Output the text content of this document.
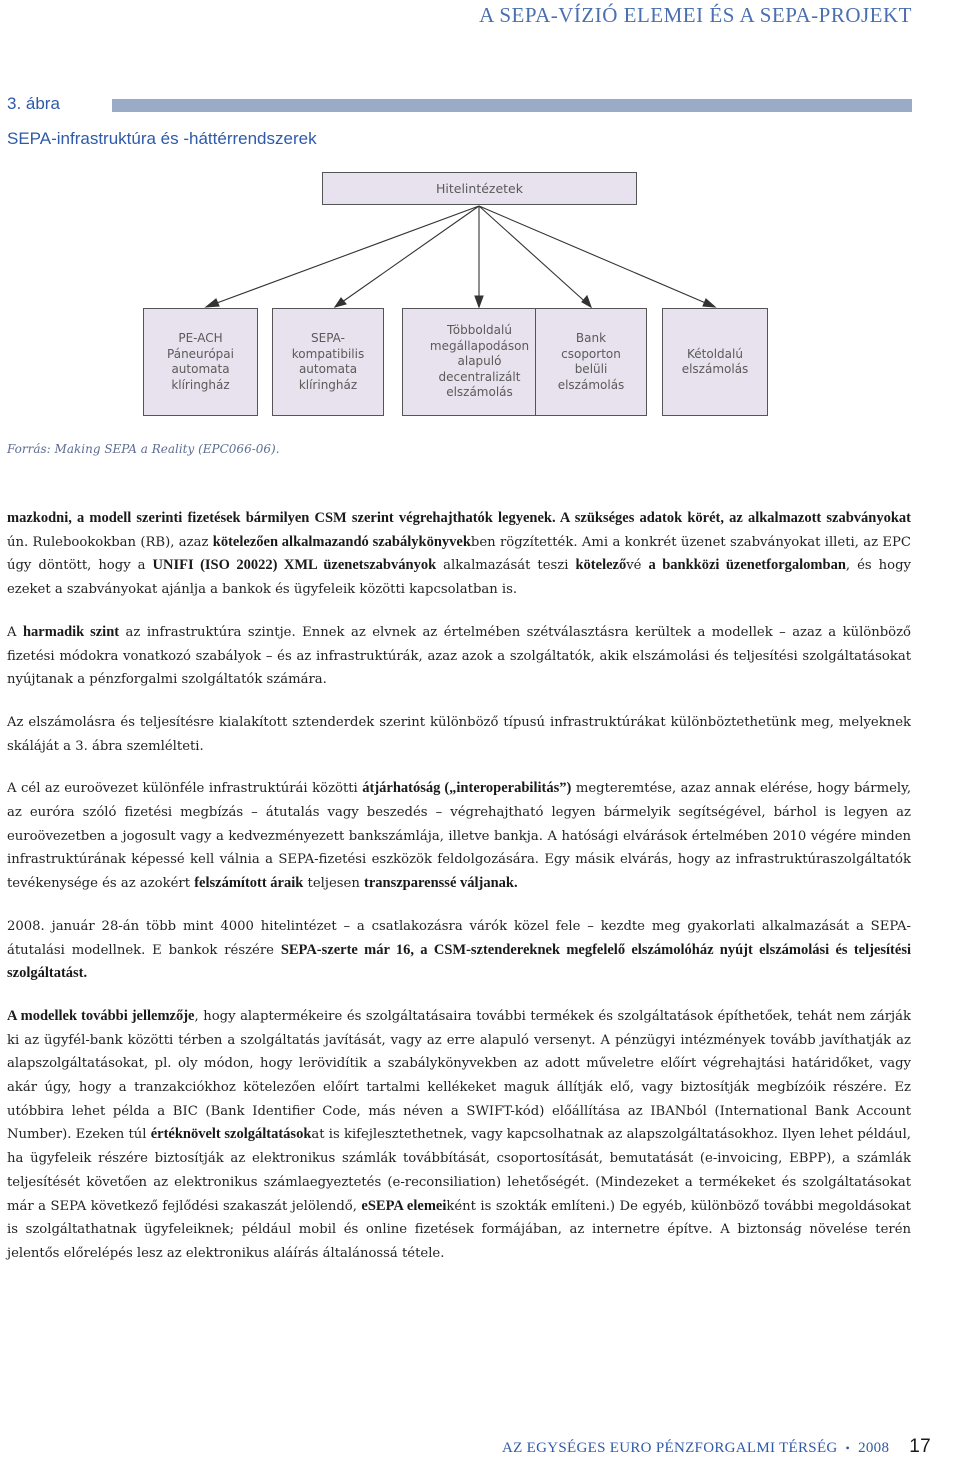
A SEPA-VÍZIÓ ELEMEI ÉS A SEPA-PROJEKT
3. ábra
SEPA-infrastruktúra és -háttérrendszerek
Hitelintézetek
PE-ACH
Páneurópai
automata
klíringház
SEPA-
kompatibilis
automata
klíringház
Többoldalú
megállapodáson
alapuló
decentralizált
elszámolás
Bank
csoporton
belüli
elszámolás
Kétoldalú
elszámolás
Forrás: Making SEPA a Reality (EPC066-06).

mazkodni, a modell szerinti fizetések bármilyen CSM szerint végrehajthatók legyenek. A szükséges adatok körét, az alkalmazott szabványokat ún. Rulebookokban (RB), azaz kötelezően alkalmazandó szabálykönyvekben rögzítették. Ami a konkrét üzenet szabványokat illeti, az EPC úgy döntött, hogy a UNIFI (ISO 20022) XML üzenetszabványok alkalmazását teszi kötelezővé a bankközi üzenetforgalomban, és hogy ezeket a szabványokat ajánlja a bankok és ügyfeleik közötti kapcsolatban is.

A harmadik szint az infrastruktúra szintje. Ennek az elvnek az értelmében szétválasztásra kerültek a modellek – azaz a különböző fizetési módokra vonatkozó szabályok – és az infrastruktúrák, azaz azok a szolgáltatók, akik elszámolási és teljesítési szolgáltatásokat nyújtanak a pénzforgalmi szolgáltatók számára.

Az elszámolásra és teljesítésre kialakított sztenderdek szerint különböző típusú infrastruktúrákat különböztethetünk meg, melyeknek skáláját a 3. ábra szemlélteti.

A cél az euroövezet különféle infrastruktúrái közötti átjárhatóság („interoperabilitás”) megteremtése, azaz annak elérése, hogy bármely, az euróra szóló fizetési megbízás – átutalás vagy beszedés – végrehajtható legyen bármelyik segítségével, bárhol is legyen az euroövezetben a jogosult vagy a kedvezményezett bankszámlája, illetve bankja. A hatósági elvárások értelmében 2010 végére minden infrastruktúrának képessé kell válnia a SEPA-fizetési eszközök feldolgozására. Egy másik elvárás, hogy az infrastruktúraszolgáltatók tevékenysége és az azokért felszámított áraik teljesen transzparenssé váljanak.

2008. január 28-án több mint 4000 hitelintézet – a csatlakozásra várók közel fele – kezdte meg gyakorlati alkalmazását a SEPA-átutalási modellnek. E bankok részére SEPA-szerte már 16, a CSM-sztendereknek megfelelő elszámolóház nyújt elszámolási és teljesítési szolgáltatást.

A modellek további jellemzője, hogy alaptermékeire és szolgáltatásaira további termékek és szolgáltatások építhetőek, tehát nem zárják ki az ügyfél-bank közötti térben a szolgáltatás javítását, vagy az erre alapuló versenyt. A pénzügyi intézmények tovább javíthatják az alapszolgáltatásokat, pl. oly módon, hogy lerövidítik a szabálykönyvekben az adott műveletre előírt végrehajtási határidőket, vagy akár úgy, hogy a tranzakciókhoz kötelezően előírt tartalmi kellékeket maguk állítják elő, vagy biztosítják megbízóik részére. Ez utóbbira lehet példa a BIC (Bank Identifier Code, más néven a SWIFT-kód) előállítása az IBANból (International Bank Account Number). Ezeken túl értéknövelt szolgáltatásokat is kifejlesztethetnek, vagy kapcsolhatnak az alapszolgáltatásokhoz. Ilyen lehet például, ha ügyfeleik részére biztosítják az elektronikus számlák továbbítását, csoportosítását, bemutatását (e-invoicing, EBPP), a számlák teljesítését követően az elektronikus számlaegyeztetés (e-reconsiliation) lehetőségét. (Mindezeket a termékeket és szolgáltatásokat már a SEPA következő fejlődési szakaszát jelölendő, eSEPA elemeiként is szokták említeni.) De egyéb, különböző további megoldásokat is szolgáltathatnak ügyfeleiknek; például mobil és online fizetések formájában, az internetre építve. A biztonság növelése terén jelentős előrelépés lesz az elektronikus aláírás általánossá tétele.

AZ EGYSÉGES EURO PÉNZFORGALMI TÉRSÉG • 2008 17
